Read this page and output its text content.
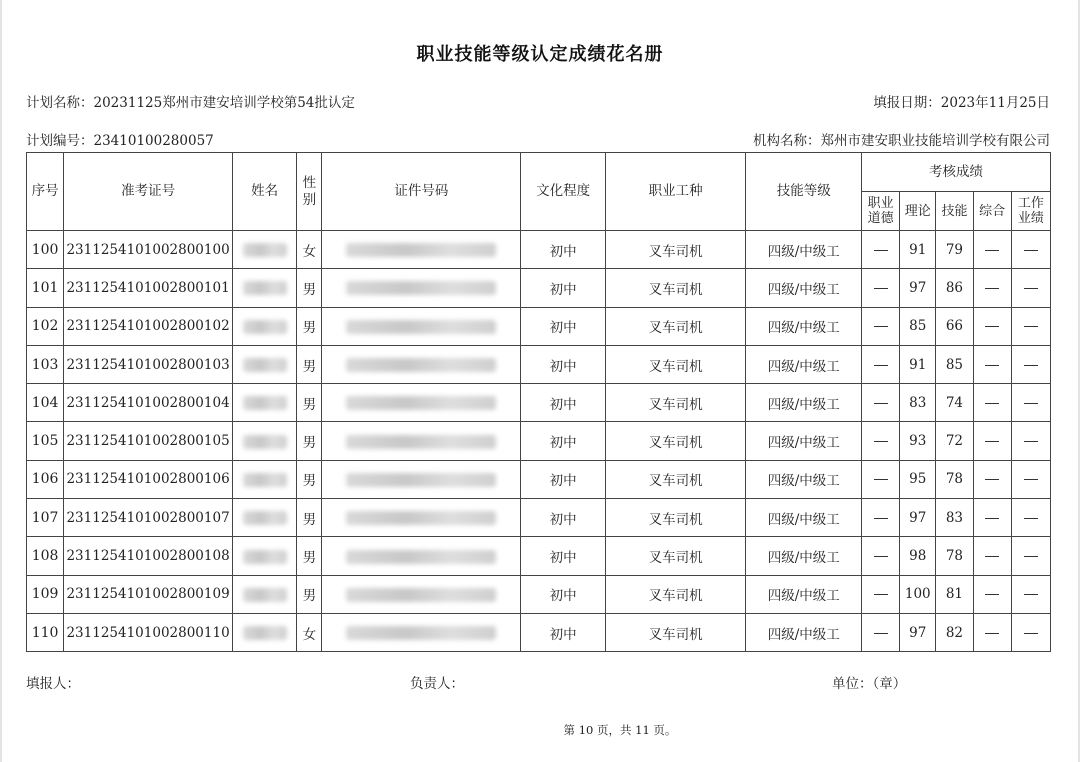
职业技能等级认定成绩花名册
计划名称：20231125郑州市建安培训学校第54批认定	填报日期：2023年11月25日
计划编号：23410100280057	机构名称：郑州市建安职业技能培训学校有限公司
序号	准考证号	姓名	性别	证件号码	文化程度	职业工种	技能等级	考核成绩				
								职业道德	理论	技能	综合	工作业绩
100	2311254101002800100		女		初中	叉车司机	四级/中级工		91	79		
101	2311254101002800101		男		初中	叉车司机	四级/中级工		97	86		
102	2311254101002800102		男		初中	叉车司机	四级/中级工		85	66		
103	2311254101002800103		男		初中	叉车司机	四级/中级工		91	85		
104	2311254101002800104		男		初中	叉车司机	四级/中级工		83	74		
105	2311254101002800105		男		初中	叉车司机	四级/中级工		93	72		
106	2311254101002800106		男		初中	叉车司机	四级/中级工		95	78		
107	2311254101002800107		男		初中	叉车司机	四级/中级工		97	83		
108	2311254101002800108		男		初中	叉车司机	四级/中级工		98	78		
109	2311254101002800109		男		初中	叉车司机	四级/中级工		100	81		
110	2311254101002800110		女		初中	叉车司机	四级/中级工		97	82		
填报人：	负责人：	单位：（章）
第 10 页，共 11 页。
